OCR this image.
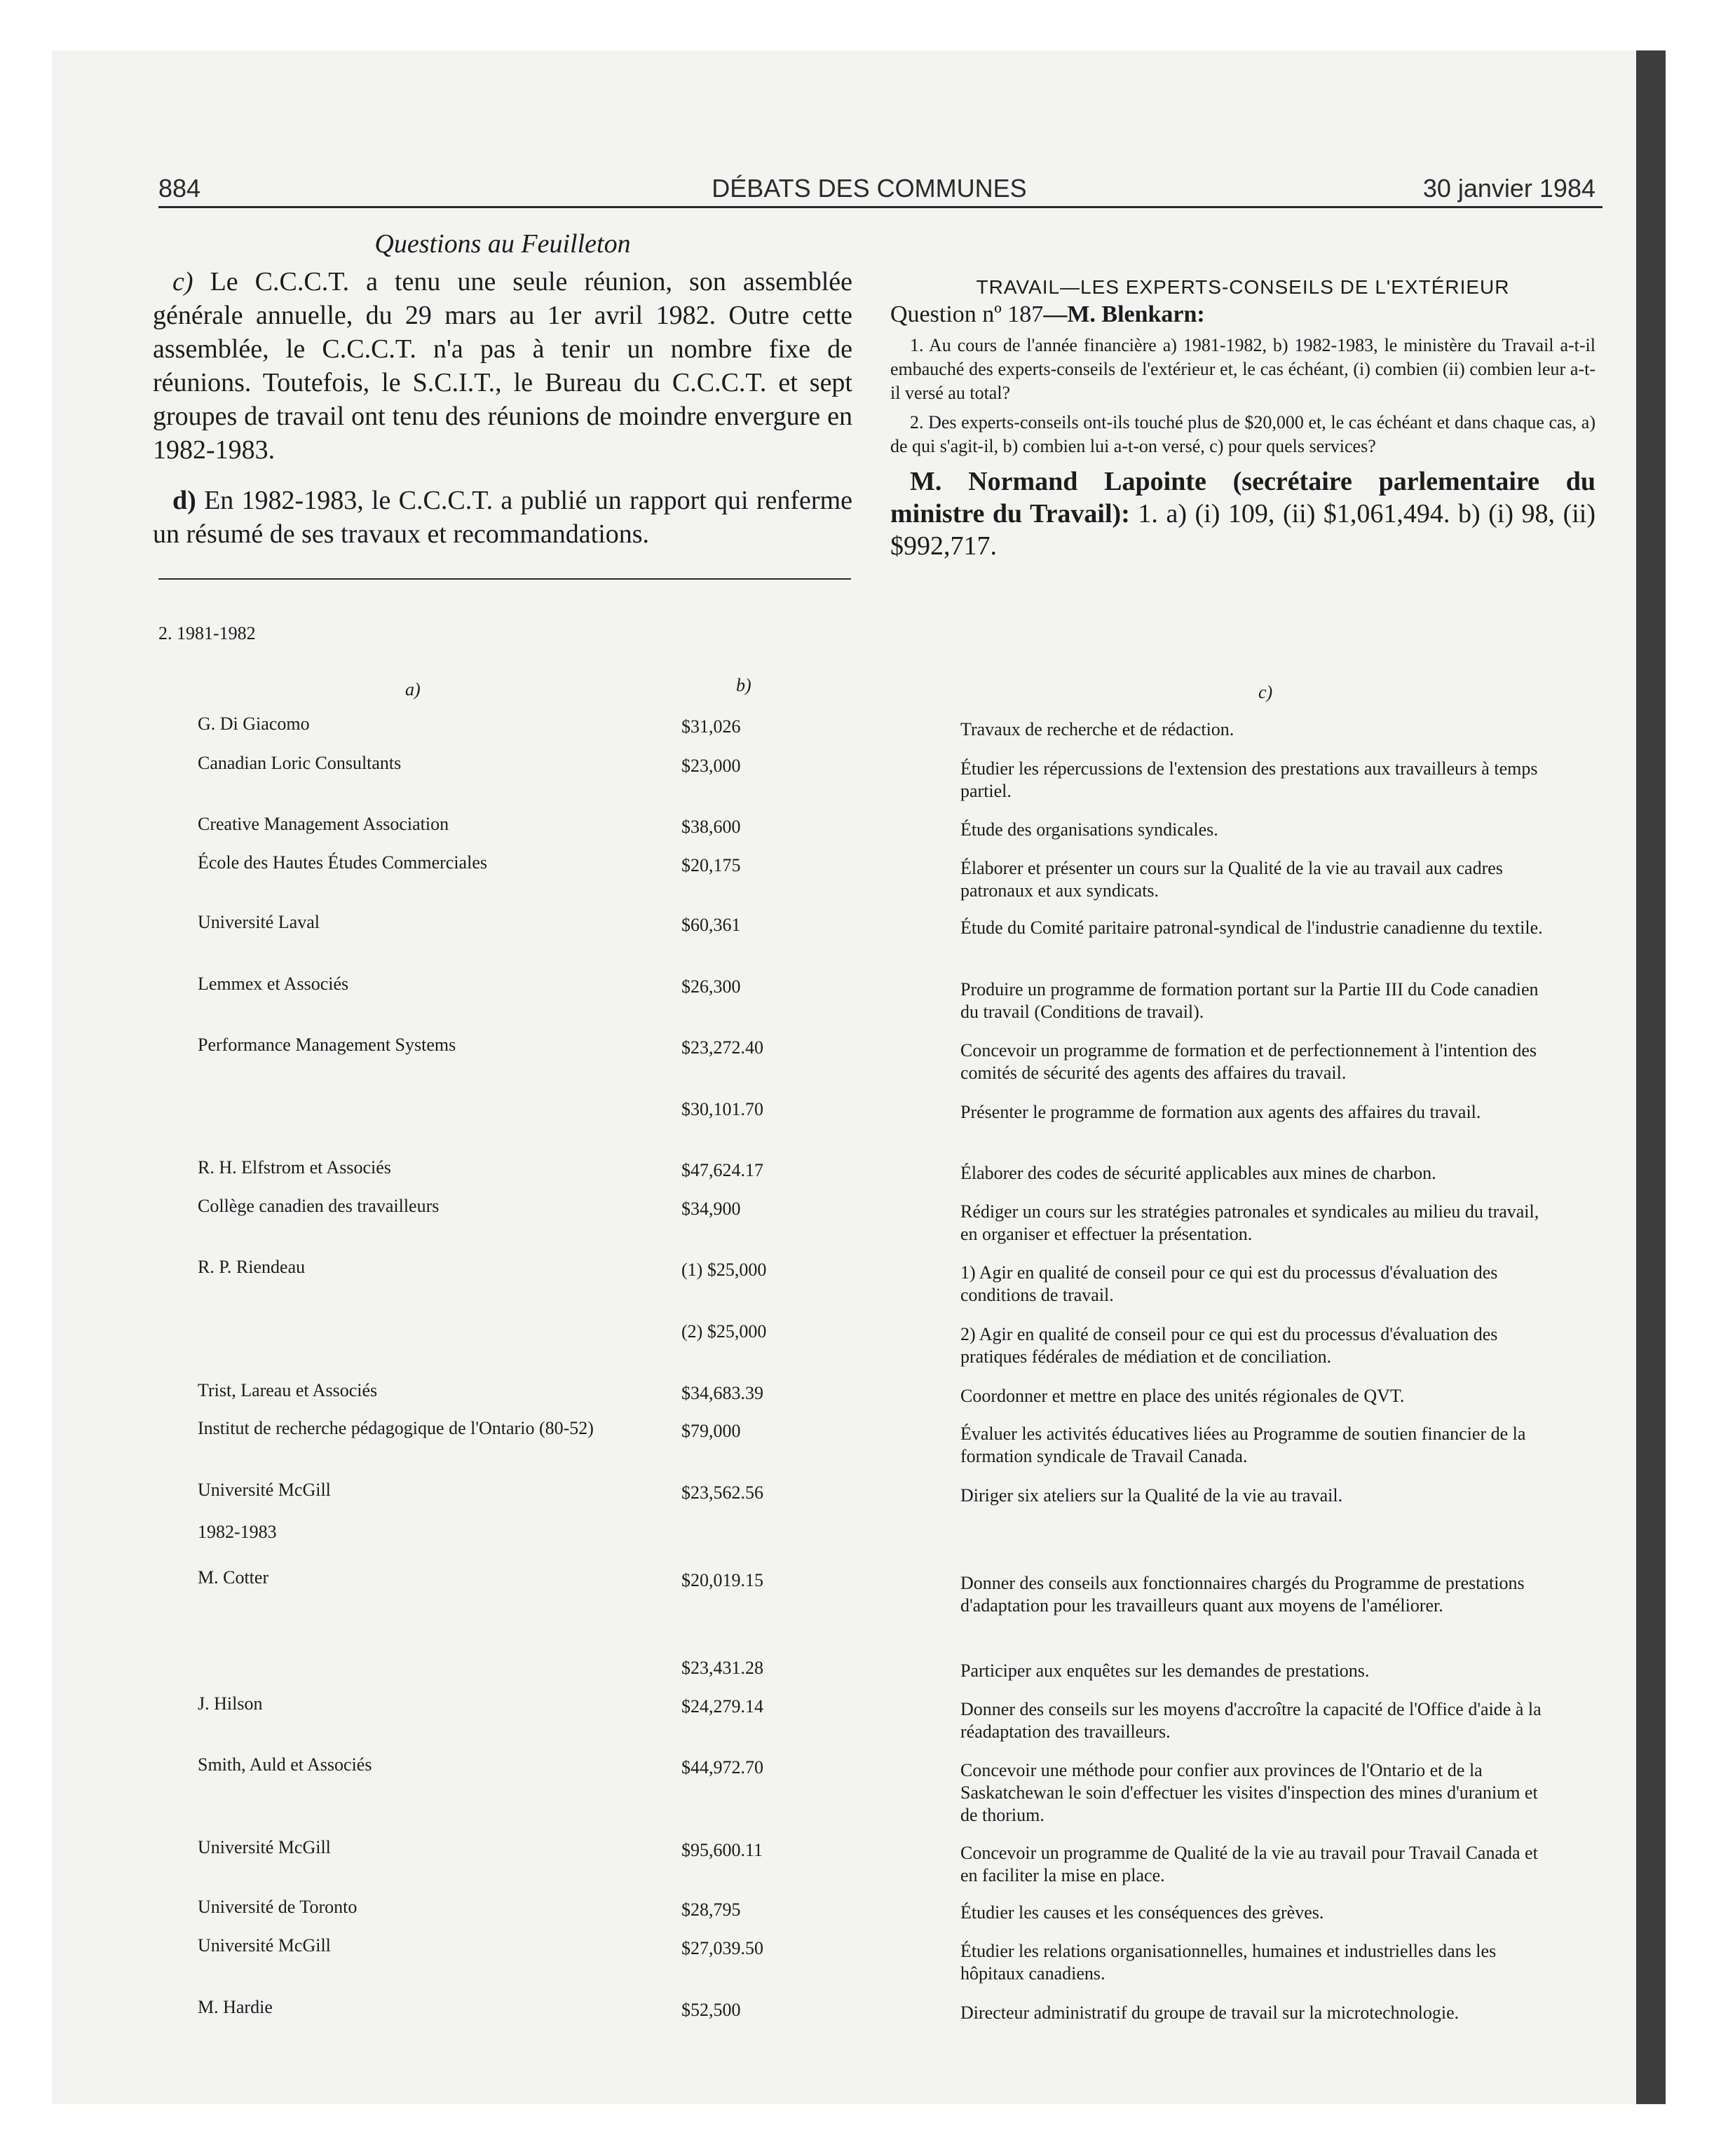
884	DÉBATS DES COMMUNES	30 janvier 1984
Questions au Feuilleton
c) Le C.C.C.T. a tenu une seule réunion, son assemblée générale annuelle, du 29 mars au 1er avril 1982. Outre cette assemblée, le C.C.C.T. n'a pas à tenir un nombre fixe de réunions. Toutefois, le S.C.I.T., le Bureau du C.C.C.T. et sept groupes de travail ont tenu des réunions de moindre envergure en 1982-1983.
d) En 1982-1983, le C.C.C.T. a publié un rapport qui renferme un résumé de ses travaux et recommandations.
TRAVAIL—LES EXPERTS-CONSEILS DE L'EXTÉRIEUR
Question nº 187—M. Blenkarn:
1. Au cours de l'année financière a) 1981-1982, b) 1982-1983, le ministère du Travail a-t-il embauché des experts-conseils de l'extérieur et, le cas échéant, (i) combien (ii) combien leur a-t-il versé au total?
2. Des experts-conseils ont-ils touché plus de $20,000 et, le cas échéant et dans chaque cas, a) de qui s'agit-il, b) combien lui a-t-on versé, c) pour quels services?
M. Normand Lapointe (secrétaire parlementaire du ministre du Travail): 1. a) (i) 109, (ii) $1,061,494. b) (i) 98, (ii) $992,717.
2. 1981-1982
a)	b)	c)
1982-1983
G. Di Giacomo	$31,026	Travaux de recherche et de rédaction.
Canadian Loric Consultants	$23,000	Étudier les répercussions de l'extension des prestations aux travailleurs à temps partiel.
Creative Management Association	$38,600	Étude des organisations syndicales.
École des Hautes Études Commerciales	$20,175	Élaborer et présenter un cours sur la Qualité de la vie au travail aux cadres patronaux et aux syndicats.
Université Laval	$60,361	Étude du Comité paritaire patronal-syndical de l'industrie canadienne du textile.
Lemmex et Associés	$26,300	Produire un programme de formation portant sur la Partie III du Code canadien du travail (Conditions de travail).
Performance Management Systems	$23,272.40	Concevoir un programme de formation et de perfectionnement à l'intention des comités de sécurité des agents des affaires du travail.
$30,101.70	Présenter le programme de formation aux agents des affaires du travail.
R. H. Elfstrom et Associés	$47,624.17	Élaborer des codes de sécurité applicables aux mines de charbon.
Collège canadien des travailleurs	$34,900	Rédiger un cours sur les stratégies patronales et syndicales au milieu du travail, en organiser et effectuer la présentation.
R. P. Riendeau	(1) $25,000	1) Agir en qualité de conseil pour ce qui est du processus d'évaluation des conditions de travail.
(2) $25,000	2) Agir en qualité de conseil pour ce qui est du processus d'évaluation des pratiques fédérales de médiation et de conciliation.
Trist, Lareau et Associés	$34,683.39	Coordonner et mettre en place des unités régionales de QVT.
Institut de recherche pédagogique de l'Ontario (80-52)	$79,000	Évaluer les activités éducatives liées au Programme de soutien financier de la formation syndicale de Travail Canada.
Université McGill	$23,562.56	Diriger six ateliers sur la Qualité de la vie au travail.
M. Cotter	$20,019.15	Donner des conseils aux fonctionnaires chargés du Programme de prestations d'adaptation pour les travailleurs quant aux moyens de l'améliorer.
$23,431.28	Participer aux enquêtes sur les demandes de prestations.
J. Hilson	$24,279.14	Donner des conseils sur les moyens d'accroître la capacité de l'Office d'aide à la réadaptation des travailleurs.
Smith, Auld et Associés	$44,972.70	Concevoir une méthode pour confier aux provinces de l'Ontario et de la Saskatchewan le soin d'effectuer les visites d'inspection des mines d'uranium et de thorium.
Université McGill	$95,600.11	Concevoir un programme de Qualité de la vie au travail pour Travail Canada et en faciliter la mise en place.
Université de Toronto	$28,795	Étudier les causes et les conséquences des grèves.
Université McGill	$27,039.50	Étudier les relations organisationnelles, humaines et industrielles dans les hôpitaux canadiens.
M. Hardie	$52,500	Directeur administratif du groupe de travail sur la microtechnologie.
